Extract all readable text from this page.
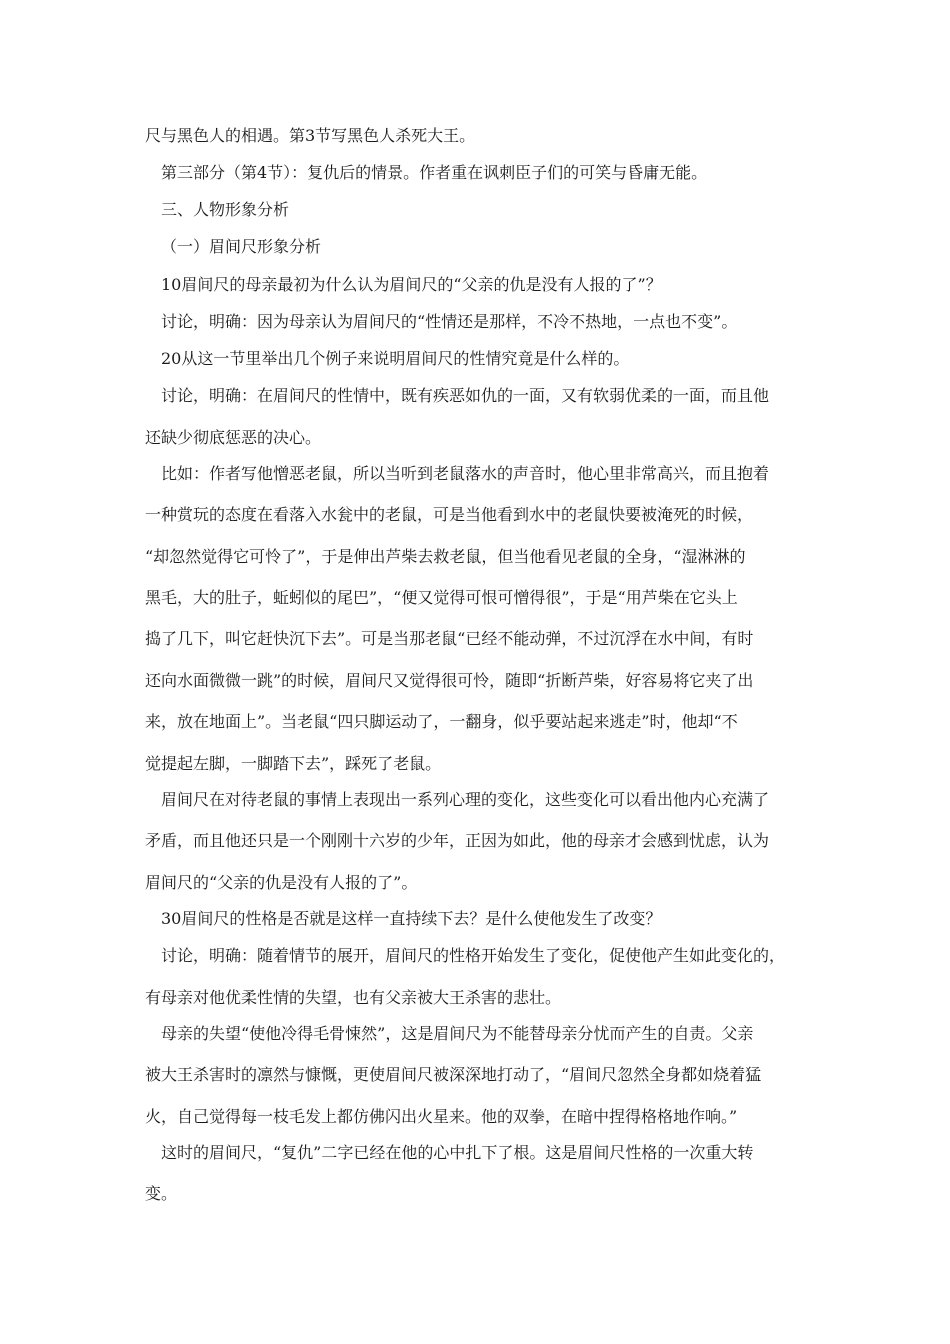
尺与黑色人的相遇。第3节写黑色人杀死大王。
第三部分（第4节）：复仇后的情景。作者重在讽刺臣子们的可笑与昏庸无能。
三、人物形象分析
（一）眉间尺形象分析
10眉间尺的母亲最初为什么认为眉间尺的“父亲的仇是没有人报的了”？
讨论，明确：因为母亲认为眉间尺的“性情还是那样，不冷不热地，一点也不变”。
20从这一节里举出几个例子来说明眉间尺的性情究竟是什么样的。
讨论，明确：在眉间尺的性情中，既有疾恶如仇的一面，又有软弱优柔的一面，而且他
还缺少彻底惩恶的决心。
比如：作者写他憎恶老鼠，所以当听到老鼠落水的声音时，他心里非常高兴，而且抱着
一种赏玩的态度在看落入水瓮中的老鼠，可是当他看到水中的老鼠快要被淹死的时候，
“却忽然觉得它可怜了”，于是伸出芦柴去救老鼠，但当他看见老鼠的全身，“湿淋淋的
黑毛，大的肚子，蚯蚓似的尾巴”，“便又觉得可恨可憎得很”，于是“用芦柴在它头上
捣了几下，叫它赶快沉下去”。可是当那老鼠“已经不能动弹，不过沉浮在水中间，有时
还向水面微微一跳”的时候，眉间尺又觉得很可怜，随即“折断芦柴，好容易将它夹了出
来，放在地面上”。当老鼠“四只脚运动了，一翻身，似乎要站起来逃走”时，他却“不
觉提起左脚，一脚踏下去”，踩死了老鼠。
眉间尺在对待老鼠的事情上表现出一系列心理的变化，这些变化可以看出他内心充满了
矛盾，而且他还只是一个刚刚十六岁的少年，正因为如此，他的母亲才会感到忧虑，认为
眉间尺的“父亲的仇是没有人报的了”。
30眉间尺的性格是否就是这样一直持续下去？是什么使他发生了改变？
讨论，明确：随着情节的展开，眉间尺的性格开始发生了变化，促使他产生如此变化的，
有母亲对他优柔性情的失望，也有父亲被大王杀害的悲壮。
母亲的失望“使他冷得毛骨悚然”，这是眉间尺为不能替母亲分忧而产生的自责。父亲
被大王杀害时的凛然与慷慨，更使眉间尺被深深地打动了，“眉间尺忽然全身都如烧着猛
火，自己觉得每一枝毛发上都仿佛闪出火星来。他的双拳，在暗中捏得格格地作响。”
这时的眉间尺，“复仇”二字已经在他的心中扎下了根。这是眉间尺性格的一次重大转
变。
